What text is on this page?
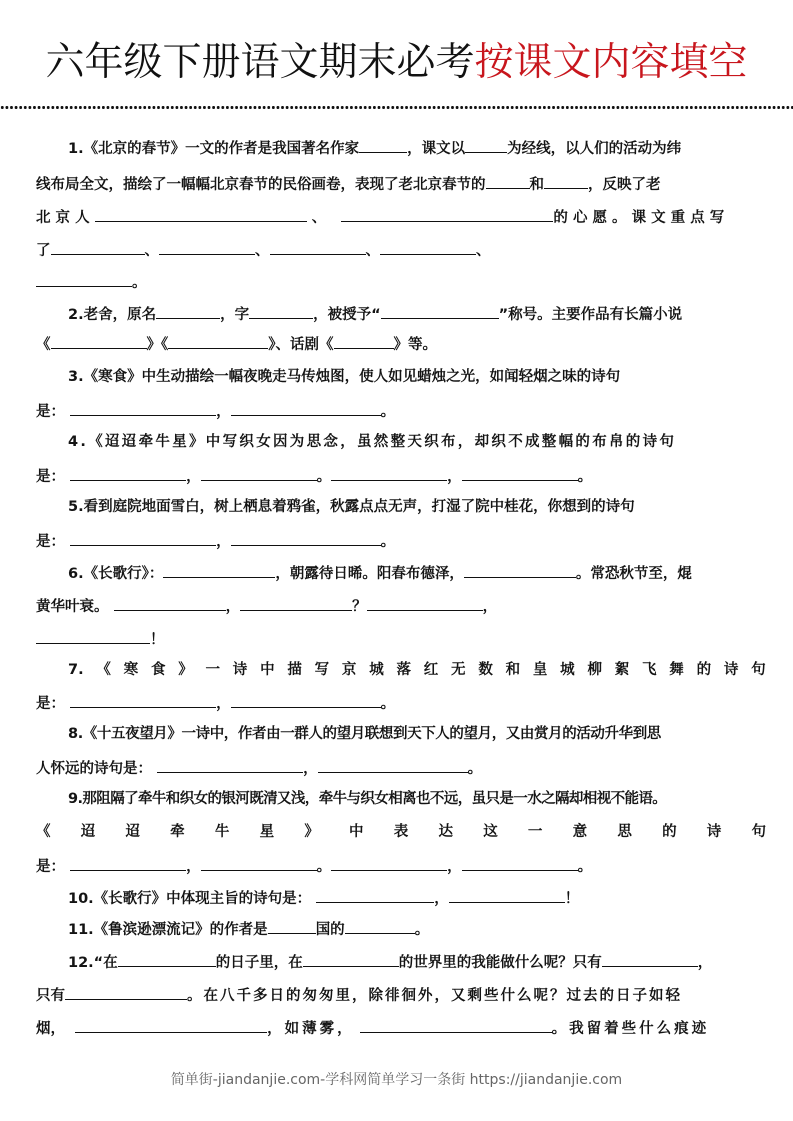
六年级下册语文期末必考按课文内容填空
1.《北京的春节》一文的作者是我国著名作家	，课文以	为经线，以人们的活动为纬
线布局全文，描绘了一幅幅北京春节的民俗画卷，表现了老北京春节的	和	，反映了老
北 京 人	、	的 心 愿 。 课 文 重 点 写
了	、	、	、	、
。
2.老舍，原名	，字	，被授予“	”称号。主要作品有长篇小说
《	》《	》、话剧《	》等。
3.《寒食》中生动描绘一幅夜晚走马传烛图，使人如见蜡烛之光，如闻轻烟之味的诗句
是：	，	。
4.《迢迢牵牛星》中写织女因为思念，虽然整天织布，却织不成整幅的布帛的诗句
是：	，	。	，	。
5.看到庭院地面雪白，树上栖息着鸦雀，秋露点点无声，打湿了院中桂花，你想到的诗句
是：	，	。
6.《长歌行》：	，朝露待日晞。阳春布德泽，	。常恐秋节至，焜
黄华叶衰。	，	？	，
！
7. 《 寒 食 》 一 诗 中 描 写 京 城 落 红 无 数 和 皇 城 柳 絮 飞 舞 的 诗 句
是：	，	。
8.《十五夜望月》一诗中，作者由一群人的望月联想到天下人的望月，又由赏月的活动升华到思
人怀远的诗句是：	，	。
9.那阻隔了牵牛和织女的银河既清又浅，牵牛与织女相离也不远，虽只是一水之隔却相视不能语。
《 迢 迢 牵 牛 星 》 中 表 达 这 一 意 思 的 诗 句
是：	，	。	，	。
10.《长歌行》中体现主旨的诗句是：	，	！
11.《鲁滨逊漂流记》的作者是	国的	。
12.“在	的日子里，在	的世界里的我能做什么呢？只有	，
只有	。在八千多日的匆匆里，除徘徊外，又剩些什么呢？过去的日子如轻
烟，	，如薄雾，	。我留着些什么痕迹
简单街-jiandanjie.com-学科网简单学习一条街 https://jiandanjie.com
